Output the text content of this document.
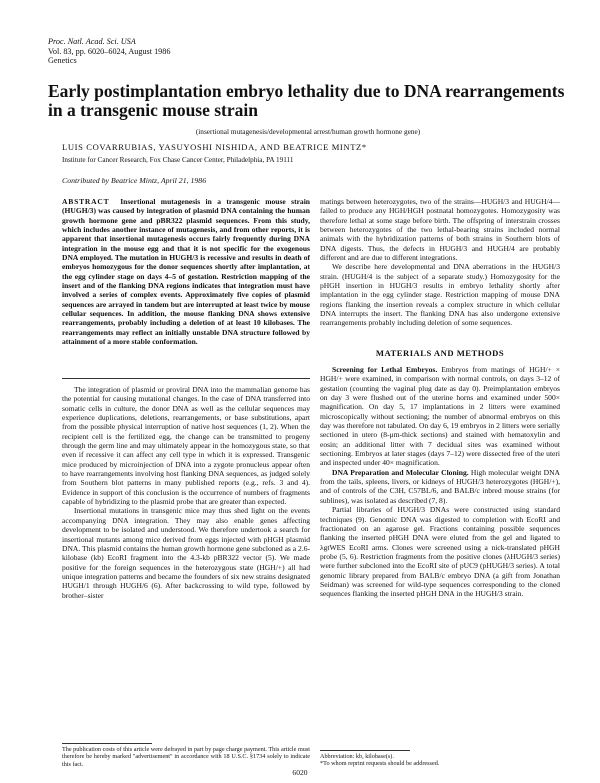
Proc. Natl. Acad. Sci. USA
Vol. 83, pp. 6020–6024, August 1986
Genetics
Early postimplantation embryo lethality due to DNA rearrangements in a transgenic mouse strain
(insertional mutagenesis/developmental arrest/human growth hormone gene)
LUIS COVARRUBIAS, YASUYOSHI NISHIDA, AND BEATRICE MINTZ*
Institute for Cancer Research, Fox Chase Cancer Center, Philadelphia, PA 19111
Contributed by Beatrice Mintz, April 21, 1986

ABSTRACT Insertional mutagenesis in a transgenic mouse strain (HUGH/3) was caused by integration of plasmid DNA containing the human growth hormone gene and pBR322 plasmid sequences. From this study, which includes another instance of mutagenesis, and from other reports, it is apparent that insertional mutagenesis occurs fairly frequently during DNA integration in the mouse egg and that it is not specific for the exogenous DNA employed. The mutation in HUGH/3 is recessive and results in death of embryos homozygous for the donor sequences shortly after implantation, at the egg cylinder stage on days 4–5 of gestation. Restriction mapping of the insert and of the flanking DNA regions indicates that integration must have involved a series of complex events. Approximately five copies of plasmid sequences are arrayed in tandem but are interrupted at least twice by mouse cellular sequences. In addition, the mouse flanking DNA shows extensive rearrangements, probably including a deletion of at least 10 kilobases. The rearrangements may reflect an initially unstable DNA structure followed by attainment of a more stable conformation.

The integration of plasmid or proviral DNA into the mammalian genome has the potential for causing mutational changes. In the case of DNA transferred into somatic cells in culture, the donor DNA as well as the cellular sequences may experience duplications, deletions, rearrangements, or base substitutions, apart from the possible physical interruption of native host sequences (1, 2). When the recipient cell is the fertilized egg, the change can be transmitted to progeny through the germ line and may ultimately appear in the homozygous state, so that even if recessive it can affect any cell type in which it is expressed. Transgenic mice produced by microinjection of DNA into a zygote pronucleus appear often to have rearrangements involving host flanking DNA sequences, as judged solely from Southern blot patterns in many published reports (e.g., refs. 3 and 4). Evidence in support of this conclusion is the occurrence of numbers of fragments capable of hybridizing to the plasmid probe that are greater than expected.

Insertional mutations in transgenic mice may thus shed light on the events accompanying DNA integration. They may also enable genes affecting development to be isolated and understood. We therefore undertook a search for insertional mutants among mice derived from eggs injected with pHGH plasmid DNA. This plasmid contains the human growth hormone gene subcloned as a 2.6-kilobase (kb) EcoRI fragment into the 4.3-kb pBR322 vector (5). We made positive for the foreign sequences in the heterozygous state (HGH/+) all had unique integration patterns and became the founders of six new strains designated HUGH/1 through HUGH/6 (6). After backcrossing to wild type, followed by brother–sister

The publication costs of this article were defrayed in part by page charge payment. This article must therefore be hereby marked "advertisement" in accordance with 18 U.S.C. §1734 solely to indicate this fact.

matings between heterozygotes, two of the strains—HUGH/3 and HUGH/4—failed to produce any HGH/HGH postnatal homozygotes. Homozygosity was therefore lethal at some stage before birth. The offspring of interstrain crosses between heterozygotes of the two lethal-bearing strains included normal animals with the hybridization patterns of both strains in Southern blots of DNA digests. Thus, the defects in HUGH/3 and HUGH/4 are probably different and are due to different integrations.

We describe here developmental and DNA aberrations in the HUGH/3 strain. (HUGH/4 is the subject of a separate study.) Homozygosity for the pHGH insertion in HUGH/3 results in embryo lethality shortly after implantation in the egg cylinder stage. Restriction mapping of mouse DNA regions flanking the insertion reveals a complex structure in which cellular DNA interrupts the insert. The flanking DNA has also undergone extensive rearrangements probably including deletion of some sequences.

MATERIALS AND METHODS

Screening for Lethal Embryos. Embryos from matings of HGH/+ × HGH/+ were examined, in comparison with normal controls, on days 3–12 of gestation (counting the vaginal plug date as day 0). Preimplantation embryos on day 3 were flushed out of the uterine horns and examined under 500× magnification. On day 5, 17 implantations in 2 litters were examined microscopically without sectioning; the number of abnormal embryos on this day was therefore not tabulated. On day 6, 19 embryos in 2 litters were serially sectioned in utero (8-μm-thick sections) and stained with hematoxylin and eosin; an additional litter with 7 decidual sites was examined without sectioning. Embryos at later stages (days 7–12) were dissected free of the uteri and inspected under 40× magnification.

DNA Preparation and Molecular Cloning. High molecular weight DNA from the tails, spleens, livers, or kidneys of HUGH/3 heterozygotes (HGH/+), and of controls of the C3H, C57BL/6, and BALB/c inbred mouse strains (for sublines), was isolated as described (7, 8).

Partial libraries of HUGH/3 DNAs were constructed using standard techniques (9). Genomic DNA was digested to completion with EcoRI and fractionated on an agarose gel. Fractions containing possible sequences flanking the inserted pHGH DNA were eluted from the gel and ligated to λgtWES EcoRI arms. Clones were screened using a nick-translated pHGH probe (5, 6). Restriction fragments from the positive clones (λHUGH/3 series) were further subcloned into the EcoRI site of pUC9 (pHUGH/3 series). A total genomic library prepared from BALB/c embryo DNA (a gift from Jonathan Seidman) was screened for wild-type sequences corresponding to the cloned sequences flanking the inserted pHGH DNA in the HUGH/3 strain.

Abbreviation: kb, kilobase(s).
*To whom reprint requests should be addressed.
6020
